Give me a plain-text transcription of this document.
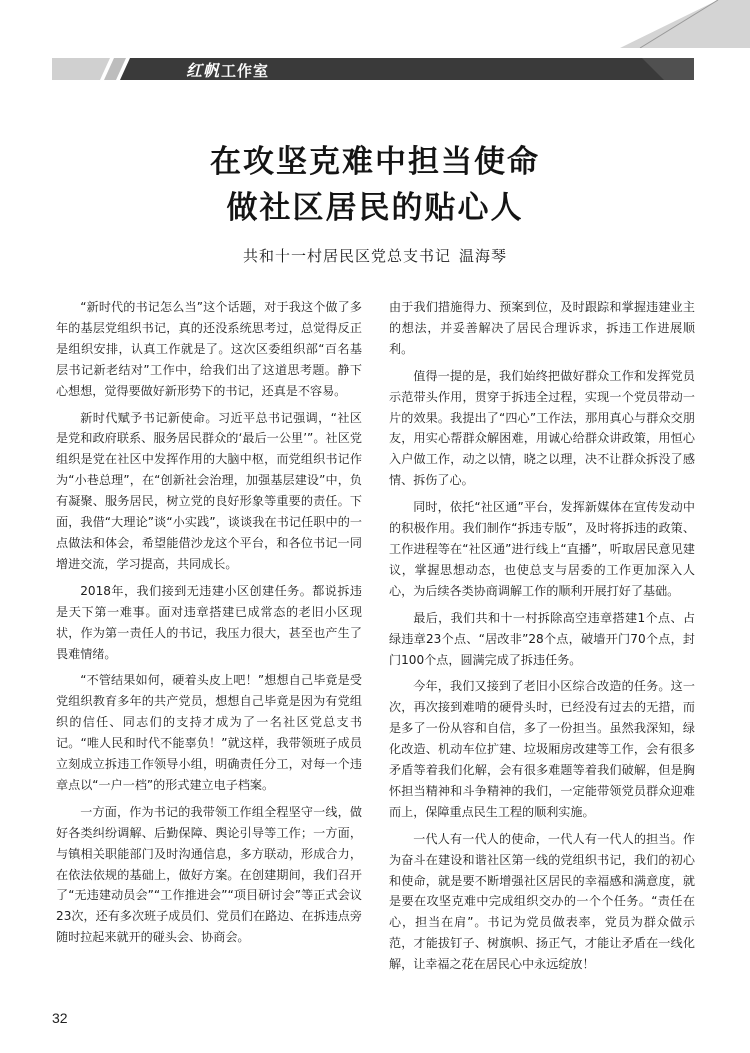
红帆工作室
在攻坚克难中担当使命
做社区居民的贴心人
共和十一村居民区党总支书记 温海琴

“新时代的书记怎么当”这个话题，对于我这个做了多年的基层党组织书记，真的还没系统思考过，总觉得反正是组织安排，认真工作就是了。这次区委组织部“百名基层书记新老结对”工作中，给我们出了这道思考题。静下心想想，觉得要做好新形势下的书记，还真是不容易。

新时代赋予书记新使命。习近平总书记强调，“社区是党和政府联系、服务居民群众的‘最后一公里’”。社区党组织是党在社区中发挥作用的大脑中枢，而党组织书记作为“小巷总理”，在“创新社会治理，加强基层建设”中，负有凝聚、服务居民，树立党的良好形象等重要的责任。下面，我借“大理论”谈“小实践”，谈谈我在书记任职中的一点做法和体会，希望能借沙龙这个平台，和各位书记一同增进交流，学习提高，共同成长。

2018年，我们接到无违建小区创建任务。都说拆违是天下第一难事。面对违章搭建已成常态的老旧小区现状，作为第一责任人的书记，我压力很大，甚至也产生了畏难情绪。

“不管结果如何，硬着头皮上吧！”想想自己毕竟是受党组织教育多年的共产党员，想想自己毕竟是因为有党组织的信任、同志们的支持才成为了一名社区党总支书记。“唯人民和时代不能辜负！”就这样，我带领班子成员立刻成立拆违工作领导小组，明确责任分工，对每一个违章点以“一户一档”的形式建立电子档案。

一方面，作为书记的我带领工作组全程坚守一线，做好各类纠纷调解、后勤保障、舆论引导等工作；一方面，与镇相关职能部门及时沟通信息，多方联动，形成合力，在依法依规的基础上，做好方案。在创建期间，我们召开了“无违建动员会”“工作推进会”“项目研讨会”等正式会议23次，还有多次班子成员们、党员们在路边、在拆违点旁随时拉起来就开的碰头会、协商会。

由于我们措施得力、预案到位，及时跟踪和掌握违建业主的想法，并妥善解决了居民合理诉求，拆违工作进展顺利。

值得一提的是，我们始终把做好群众工作和发挥党员示范带头作用，贯穿于拆违全过程，实现一个党员带动一片的效果。我提出了“四心”工作法，那用真心与群众交朋友，用实心帮群众解困难，用诚心给群众讲政策，用恒心入户做工作，动之以情，晓之以理，决不让群众拆没了感情、拆伤了心。

同时，依托“社区通”平台，发挥新媒体在宣传发动中的积极作用。我们制作“拆违专版”，及时将拆违的政策、工作进程等在“社区通”进行线上“直播”，听取居民意见建议，掌握思想动态，也使总支与居委的工作更加深入人心，为后续各类协商调解工作的顺利开展打好了基础。

最后，我们共和十一村拆除高空违章搭建1个点、占绿违章23个点、“居改非”28个点，破墙开门70个点，封门100个点，圆满完成了拆违任务。

今年，我们又接到了老旧小区综合改造的任务。这一次，再次接到难啃的硬骨头时，已经没有过去的无措，而是多了一份从容和自信，多了一份担当。虽然我深知，绿化改造、机动车位扩建、垃圾厢房改建等工作，会有很多矛盾等着我们化解，会有很多难题等着我们破解，但是胸怀担当精神和斗争精神的我们，一定能带领党员群众迎难而上，保障重点民生工程的顺利实施。

一代人有一代人的使命，一代人有一代人的担当。作为奋斗在建设和谐社区第一线的党组织书记，我们的初心和使命，就是要不断增强社区居民的幸福感和满意度，就是要在攻坚克难中完成组织交办的一个个任务。“责任在心，担当在肩”。书记为党员做表率，党员为群众做示范，才能拔钉子、树旗帜、扬正气，才能让矛盾在一线化解，让幸福之花在居民心中永远绽放！

32
